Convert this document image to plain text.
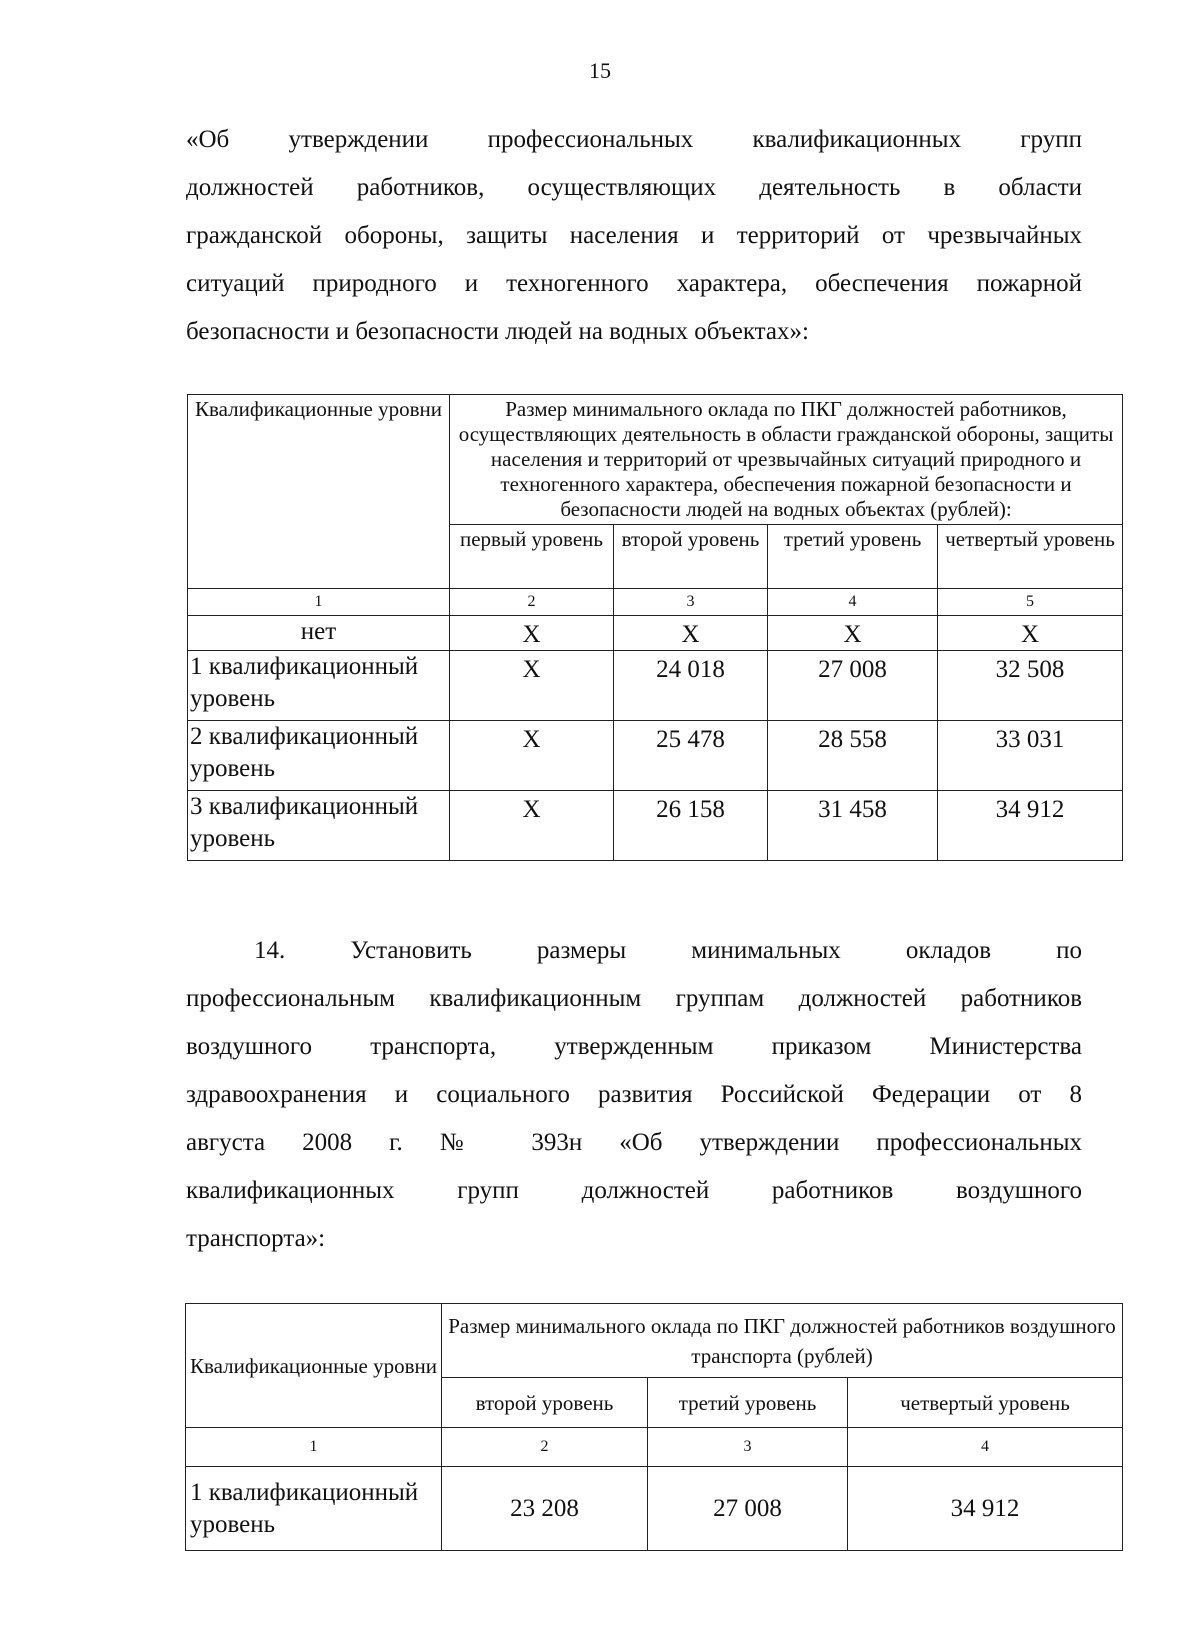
15
«Об утверждении профессиональных квалификационных групп
должностей работников, осуществляющих деятельность в области
гражданской обороны, защиты населения и территорий от чрезвычайных
ситуаций природного и техногенного характера, обеспечения пожарной
безопасности и безопасности людей на водных объектах»:
Квалификационные уровни	Размер минимального оклада по ПКГ должностей работников, осуществляющих деятельность в области гражданской обороны, защиты населения и территорий от чрезвычайных ситуаций природного и техногенного характера, обеспечения пожарной безопасности и безопасности людей на водных объектах (рублей):			
	первый уровень	второй уровень	третий уровень	четвертый уровень
1	2	3	4	5
нет	X	X	X	X
1 квалификационный уровень	X	24 018	27 008	32 508
2 квалификационный уровень	X	25 478	28 558	33 031
3 квалификационный уровень	X	26 158	31 458	34 912
14. Установить размеры минимальных окладов по
профессиональным квалификационным группам должностей работников
воздушного транспорта, утвержденным приказом Министерства
здравоохранения и социального развития Российской Федерации от 8
августа 2008 г. № 393н «Об утверждении профессиональных
квалификационных групп должностей работников воздушного
транспорта»:
Квалификационные уровни	Размер минимального оклада по ПКГ должностей работников воздушного транспорта (рублей)		
	второй уровень	третий уровень	четвертый уровень
1	2	3	4
1 квалификационный уровень	23 208	27 008	34 912
